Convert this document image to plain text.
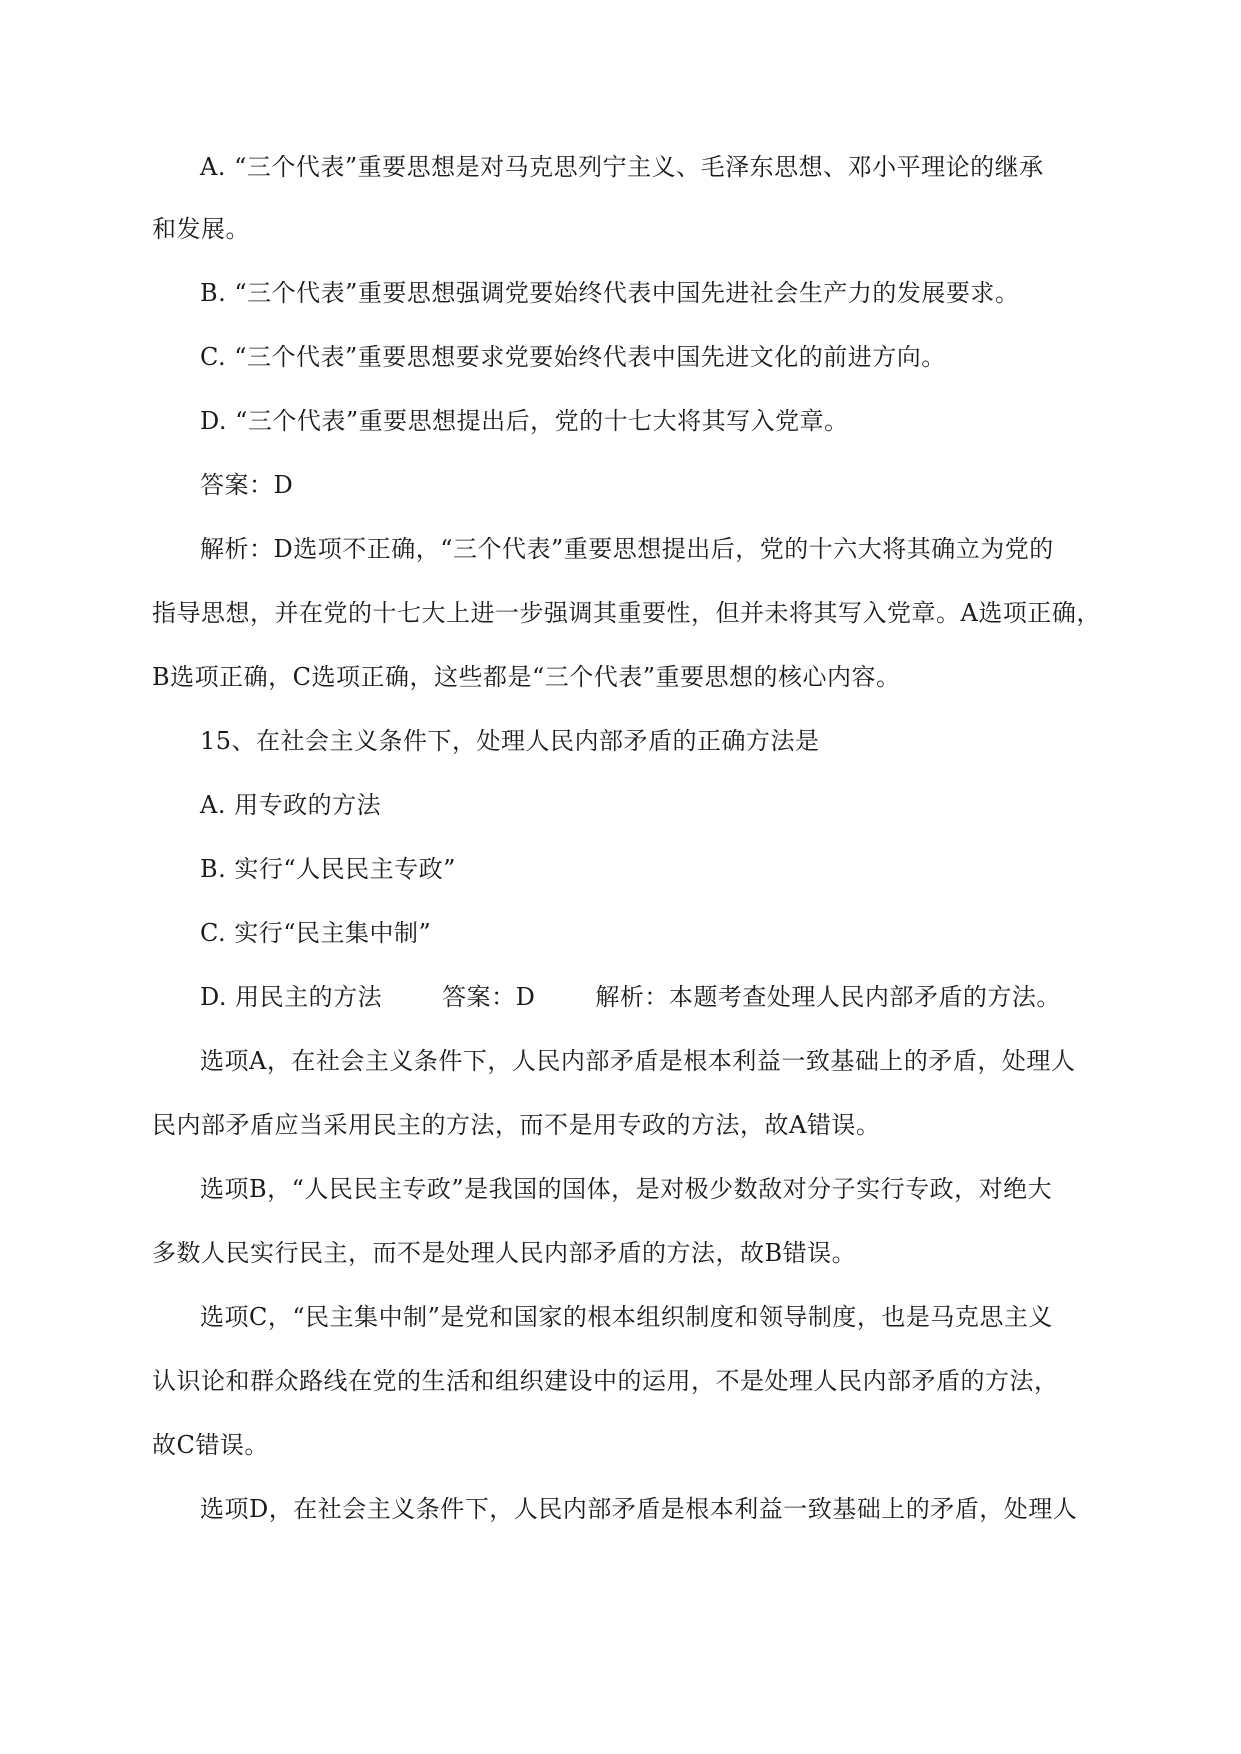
A. “三个代表”重要思想是对马克思列宁主义、毛泽东思想、邓小平理论的继承
和发展。
B. “三个代表”重要思想强调党要始终代表中国先进社会生产力的发展要求。
C. “三个代表”重要思想要求党要始终代表中国先进文化的前进方向。
D. “三个代表”重要思想提出后，党的十七大将其写入党章。
答案：D
解析：D选项不正确，“三个代表”重要思想提出后，党的十六大将其确立为党的
指导思想，并在党的十七大上进一步强调其重要性，但并未将其写入党章。A选项正确，
B选项正确，C选项正确，这些都是“三个代表”重要思想的核心内容。
15、在社会主义条件下，处理人民内部矛盾的正确方法是
A. 用专政的方法
B. 实行“人民民主专政”
C. 实行“民主集中制”
D. 用民主的方法	答案：D	解析：本题考查处理人民内部矛盾的方法。
选项A，在社会主义条件下，人民内部矛盾是根本利益一致基础上的矛盾，处理人
民内部矛盾应当采用民主的方法，而不是用专政的方法，故A错误。
选项B，“人民民主专政”是我国的国体，是对极少数敌对分子实行专政，对绝大
多数人民实行民主，而不是处理人民内部矛盾的方法，故B错误。
选项C，“民主集中制”是党和国家的根本组织制度和领导制度，也是马克思主义
认识论和群众路线在党的生活和组织建设中的运用，不是处理人民内部矛盾的方法，
故C错误。
选项D，在社会主义条件下，人民内部矛盾是根本利益一致基础上的矛盾，处理人
